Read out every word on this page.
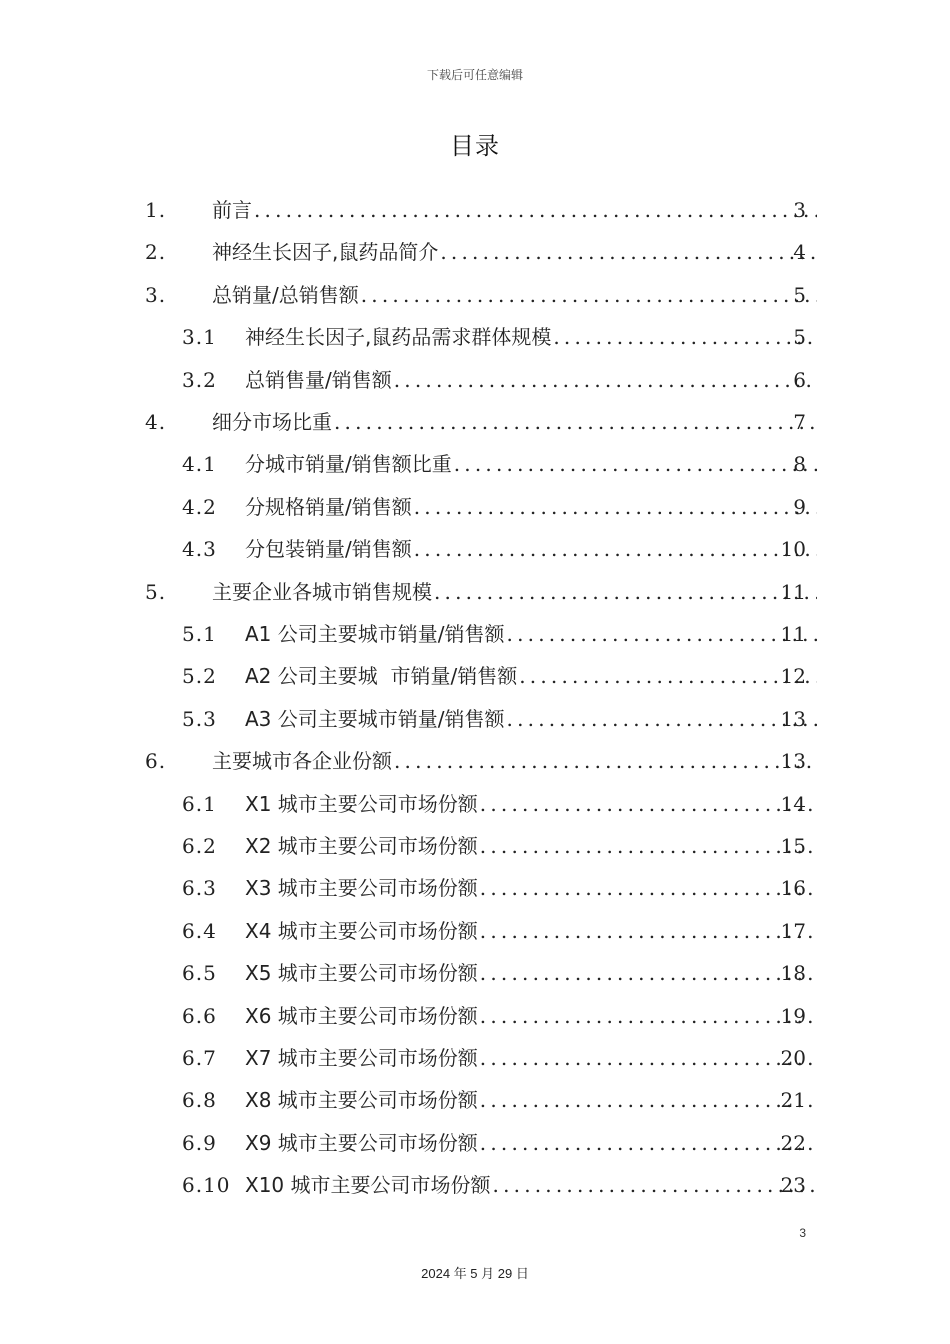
下载后可任意编辑
目录
1. 前言 .....	3
2. 神经生长因子,鼠药品简介 .....	4
3. 总销量/总销售额 .....	5
3.1 神经生长因子,鼠药品需求群体规模 .....	5
3.2 总销售量/销售额 .....	6
4. 细分市场比重 .....	7
4.1 分城市销量/销售额比重 .....	8
4.2 分规格销量/销售额 .....	9
4.3 分包装销量/销售额 .....	10
5. 主要企业各城市销售规模 .....	11
5.1 A1 公司主要城市销量/销售额 .....	11
5.2 A2 公司主要城  市销量/销售额 .....	12
5.3 A3 公司主要城市销量/销售额 .....	13
6. 主要城市各企业份额 .....	13
6.1 X1 城市主要公司市场份额 .....	14
6.2 X2 城市主要公司市场份额 .....	15
6.3 X3 城市主要公司市场份额 .....	16
6.4 X4 城市主要公司市场份额 .....	17
6.5 X5 城市主要公司市场份额 .....	18
6.6 X6 城市主要公司市场份额 .....	19
6.7 X7 城市主要公司市场份额 .....	20
6.8 X8 城市主要公司市场份额 .....	21
6.9 X9 城市主要公司市场份额 .....	22
6.10 X10 城市主要公司市场份额 .....	23
3
2024 年 5 月 29 日
